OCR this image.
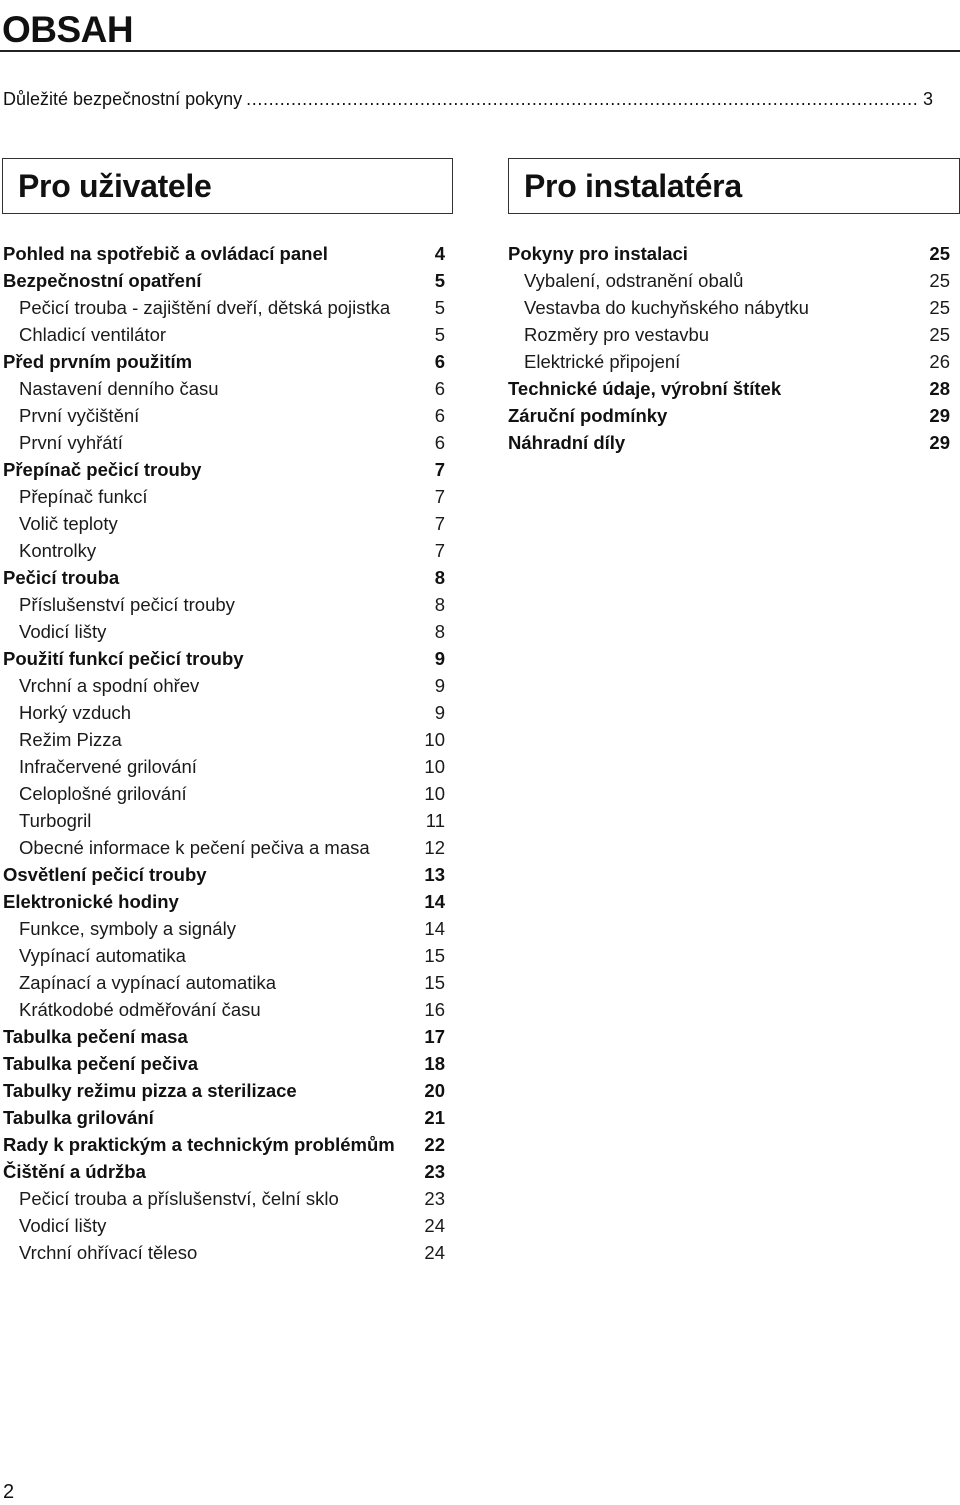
OBSAH
Důležité bezpečnostní pokyny . . .	3
Pro uživatele	Pro instalatéra
Pohled na spotřebič a ovládací panel	4
Bezpečnostní opatření	5
Pečicí trouba - zajištění dveří, dětská pojistka 5
Chladicí ventilátor	5
Před prvním použitím	6
Nastavení denního času	6
První vyčištění	6
První vyhřátí	6
Přepínač pečicí trouby	7
Přepínač funkcí	7
Volič teploty	7
Kontrolky	7
Pečicí trouba	8
Příslušenství pečicí trouby	8
Vodicí lišty	8
Použití funkcí pečicí trouby	9
Vrchní a spodní ohřev	9
Horký vzduch	9
Režim Pizza	10
Infračervené grilování	10
Celoplošné grilování	10
Turbogril	11
Obecné informace k pečení pečiva a masa	12
Osvětlení pečicí trouby	13
Elektronické hodiny	14
Funkce, symboly a signály	14
Vypínací automatika	15
Zapínací a vypínací automatika	15
Krátkodobé odměřování času	16
Tabulka pečení masa	17
Tabulka pečení pečiva	18
Tabulky režimu pizza a sterilizace	20
Tabulka grilování	21
Rady k praktickým a technickým problémům 22
Čištění a údržba	23
Pečicí trouba a příslušenství, čelní sklo	23
Vodicí lišty	24
Vrchní ohřívací těleso	24
Pokyny pro instalaci	25
Vybalení, odstranění obalů	25
Vestavba do kuchyňského nábytku	25
Rozměry pro vestavbu	25
Elektrické připojení	26
Technické údaje, výrobní štítek	28
Záruční podmínky	29
Náhradní díly	29
2
